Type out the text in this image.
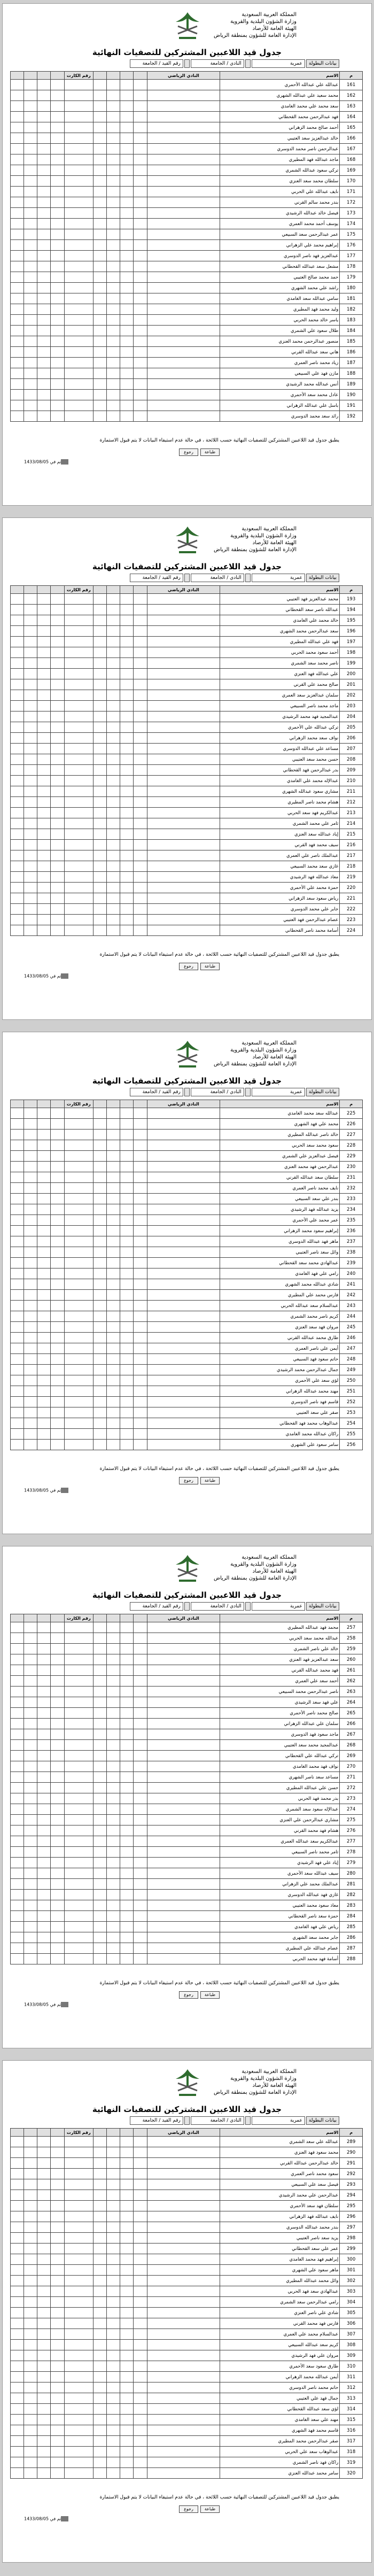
المملكة العربية السعودية
وزارة الشؤون البلدية والقروية
الهيئة العامة للأرصاد
الإدارة العامة للشؤون بمنطقة الرياض
جدول قيد اللاعبين المشتركين للتصفيات النهائية
بيانات البطولة
عمرية
النادي / الجامعة
رقم القيد / الجامعة
				رقم الكارت					النادي الرياضي	الاسم	م
										عبدالله علي عبدالله الأحمري	161
										محمد سعيد علي عبدالله الشهري	162
										سعد محمد علي محمد الغامدي	163
										فهد عبدالرحمن محمد القحطاني	164
										أحمد صالح محمد الزهراني	165
										خالد عبدالعزيز سعد العتيبي	166
										عبدالرحمن ناصر محمد الدوسري	167
										ماجد عبدالله فهد المطيري	168
										تركي سعود عبدالله الشمري	169
										سلطان محمد سعد العنزي	170
										نايف عبدالله علي الحربي	171
										بندر محمد سالم القرني	172
										فيصل خالد عبدالله الرشيدي	173
										يوسف أحمد محمد العمري	174
										عمر عبدالرحمن سعد السبيعي	175
										إبراهيم محمد علي الزهراني	176
										عبدالعزيز فهد ناصر الدوسري	177
										مشعل سعد عبدالله القحطاني	178
										حمد محمد صالح العتيبي	179
										راشد علي محمد الشهري	180
										سامي عبدالله سعد الغامدي	181
										وليد محمد فهد المطيري	182
										ياسر خالد محمد الحربي	183
										طلال سعود علي الشمري	184
										منصور عبدالرحمن محمد العنزي	185
										هاني سعد عبدالله القرني	186
										زياد محمد ناصر العمري	187
										مازن فهد علي السبيعي	188
										أنس عبدالله محمد الرشيدي	189
										عادل محمد سعد الأحمري	190
										باسل علي عبدالله الزهراني	191
										رائد سعد محمد الدوسري	192
يطبق جدول قيد اللاعبين المشتركين للتصفيات النهائية حسب اللائحة ، في حالة عدم استيفاء البيانات لا يتم قبول الاستمارة
رجوع	طباعة
تم في 1433/08/05
المملكة العربية السعودية
وزارة الشؤون البلدية والقروية
الهيئة العامة للأرصاد
الإدارة العامة للشؤون بمنطقة الرياض
جدول قيد اللاعبين المشتركين للتصفيات النهائية
بيانات البطولة
عمرية
النادي / الجامعة
رقم القيد / الجامعة
				رقم الكارت					النادي الرياضي	الاسم	م
										محمد عبدالعزيز فهد العتيبي	193
										عبدالله ناصر سعد القحطاني	194
										خالد محمد علي الغامدي	195
										سعد عبدالرحمن محمد الشهري	196
										فهد علي عبدالله المطيري	197
										أحمد سعود محمد الحربي	198
										ناصر محمد سعد الشمري	199
										علي عبدالله فهد العنزي	200
										صالح محمد علي القرني	201
										سلمان عبدالعزيز سعد العمري	202
										ماجد محمد ناصر السبيعي	203
										عبدالمجيد فهد محمد الرشيدي	204
										تركي عبدالله علي الأحمري	205
										نواف سعد محمد الزهراني	206
										مساعد علي عبدالله الدوسري	207
										حسن محمد سعد العتيبي	208
										بدر عبدالرحمن فهد القحطاني	209
										عبدالإله محمد علي الغامدي	210
										مشاري سعود عبدالله الشهري	211
										هشام محمد ناصر المطيري	212
										عبدالكريم فهد سعد الحربي	213
										ثامر علي محمد الشمري	214
										إياد عبدالله سعد العنزي	215
										سيف محمد فهد القرني	216
										عبدالملك ناصر علي العمري	217
										غازي سعد محمد السبيعي	218
										معاذ عبدالله فهد الرشيدي	219
										حمزة محمد علي الأحمري	220
										رياض سعود سعد الزهراني	221
										جابر علي محمد الدوسري	222
										عصام عبدالرحمن فهد العتيبي	223
										أسامة محمد ناصر القحطاني	224
يطبق جدول قيد اللاعبين المشتركين للتصفيات النهائية حسب اللائحة ، في حالة عدم استيفاء البيانات لا يتم قبول الاستمارة
رجوع	طباعة
تم في 1433/08/05
المملكة العربية السعودية
وزارة الشؤون البلدية والقروية
الهيئة العامة للأرصاد
الإدارة العامة للشؤون بمنطقة الرياض
جدول قيد اللاعبين المشتركين للتصفيات النهائية
بيانات البطولة
عمرية
النادي / الجامعة
رقم القيد / الجامعة
				رقم الكارت					النادي الرياضي	الاسم	م
										عبدالله سعد محمد الغامدي	225
										محمد علي فهد الشهري	226
										خالد ناصر عبدالله المطيري	227
										سعود محمد سعد الحربي	228
										فيصل عبدالعزيز علي الشمري	229
										عبدالرحمن فهد محمد العنزي	230
										سلطان سعد عبدالله القرني	231
										نايف محمد ناصر العمري	232
										بندر علي سعد السبيعي	233
										يزيد عبدالله فهد الرشيدي	234
										عمر محمد علي الأحمري	235
										إبراهيم سعود محمد الزهراني	236
										ماهر فهد عبدالله الدوسري	237
										وائل سعد ناصر العتيبي	238
										عبدالهادي محمد سعد القحطاني	239
										رامي علي فهد الغامدي	240
										شادي عبدالله محمد الشهري	241
										فارس محمد علي المطيري	242
										عبدالسلام سعد عبدالله الحربي	243
										كريم ناصر محمد الشمري	244
										مروان فهد سعد العنزي	245
										طارق محمد عبدالله القرني	246
										أيمن علي ناصر العمري	247
										حاتم سعود فهد السبيعي	248
										جمال عبدالرحمن محمد الرشيدي	249
										لؤي سعد علي الأحمري	250
										مهند محمد عبدالله الزهراني	251
										قاسم فهد ناصر الدوسري	252
										صقر علي سعد العتيبي	253
										عبدالوهاب محمد فهد القحطاني	254
										راكان عبدالله محمد الغامدي	255
										سامر سعود علي الشهري	256
يطبق جدول قيد اللاعبين المشتركين للتصفيات النهائية حسب اللائحة ، في حالة عدم استيفاء البيانات لا يتم قبول الاستمارة
رجوع	طباعة
تم في 1433/08/05
المملكة العربية السعودية
وزارة الشؤون البلدية والقروية
الهيئة العامة للأرصاد
الإدارة العامة للشؤون بمنطقة الرياض
جدول قيد اللاعبين المشتركين للتصفيات النهائية
بيانات البطولة
عمرية
النادي / الجامعة
رقم القيد / الجامعة
				رقم الكارت					النادي الرياضي	الاسم	م
										محمد فهد عبدالله المطيري	257
										عبدالله محمد سعد الحربي	258
										خالد علي ناصر الشمري	259
										سعد عبدالعزيز فهد العنزي	260
										فهد محمد عبدالله القرني	261
										أحمد سعد علي العمري	262
										ناصر عبدالرحمن محمد السبيعي	263
										علي فهد سعد الرشيدي	264
										صالح محمد ناصر الأحمري	265
										سلمان علي عبدالله الزهراني	266
										ماجد سعود فهد الدوسري	267
										عبدالمجيد محمد سعد العتيبي	268
										تركي عبدالله علي القحطاني	269
										نواف فهد محمد الغامدي	270
										مساعد سعد ناصر الشهري	271
										حسن علي عبدالله المطيري	272
										بدر محمد فهد الحربي	273
										عبدالإله سعود سعد الشمري	274
										مشاري عبدالرحمن علي العنزي	275
										هشام فهد محمد القرني	276
										عبدالكريم سعد عبدالله العمري	277
										ثامر محمد ناصر السبيعي	278
										إياد علي فهد الرشيدي	279
										سيف عبدالله سعد الأحمري	280
										عبدالملك محمد علي الزهراني	281
										غازي فهد عبدالله الدوسري	282
										معاذ سعود محمد العتيبي	283
										حمزة سعد ناصر القحطاني	284
										رياض علي فهد الغامدي	285
										جابر محمد سعد الشهري	286
										عصام عبدالله علي المطيري	287
										أسامة فهد محمد الحربي	288
يطبق جدول قيد اللاعبين المشتركين للتصفيات النهائية حسب اللائحة ، في حالة عدم استيفاء البيانات لا يتم قبول الاستمارة
رجوع	طباعة
تم في 1433/08/05
المملكة العربية السعودية
وزارة الشؤون البلدية والقروية
الهيئة العامة للأرصاد
الإدارة العامة للشؤون بمنطقة الرياض
جدول قيد اللاعبين المشتركين للتصفيات النهائية
بيانات البطولة
عمرية
النادي / الجامعة
رقم القيد / الجامعة
				رقم الكارت					النادي الرياضي	الاسم	م
										عبدالله علي سعد الشمري	289
										محمد سعود فهد العنزي	290
										خالد عبدالرحمن عبدالله القرني	291
										سعود محمد ناصر العمري	292
										فيصل سعد علي السبيعي	293
										عبدالرحمن علي محمد الرشيدي	294
										سلطان فهد سعد الأحمري	295
										نايف عبدالله فهد الزهراني	296
										بندر محمد عبدالله الدوسري	297
										يزيد سعد ناصر العتيبي	298
										عمر علي سعد القحطاني	299
										إبراهيم فهد محمد الغامدي	300
										ماهر سعود علي الشهري	301
										وائل محمد عبدالله المطيري	302
										عبدالهادي سعد فهد الحربي	303
										رامي عبدالرحمن سعد الشمري	304
										شادي علي ناصر العنزي	305
										فارس فهد محمد القرني	306
										عبدالسلام محمد علي العمري	307
										كريم سعد عبدالله السبيعي	308
										مروان علي فهد الرشيدي	309
										طارق سعود سعد الأحمري	310
										أيمن عبدالله محمد الزهراني	311
										حاتم محمد ناصر الدوسري	312
										جمال فهد علي العتيبي	313
										لؤي سعد عبدالله القحطاني	314
										مهند علي سعد الغامدي	315
										قاسم محمد فهد الشهري	316
										صقر عبدالرحمن محمد المطيري	317
										عبدالوهاب سعد علي الحربي	318
										راكان فهد ناصر الشمري	319
										سامر محمد عبدالله العنزي	320
يطبق جدول قيد اللاعبين المشتركين للتصفيات النهائية حسب اللائحة ، في حالة عدم استيفاء البيانات لا يتم قبول الاستمارة
رجوع	طباعة
تم في 1433/08/05
